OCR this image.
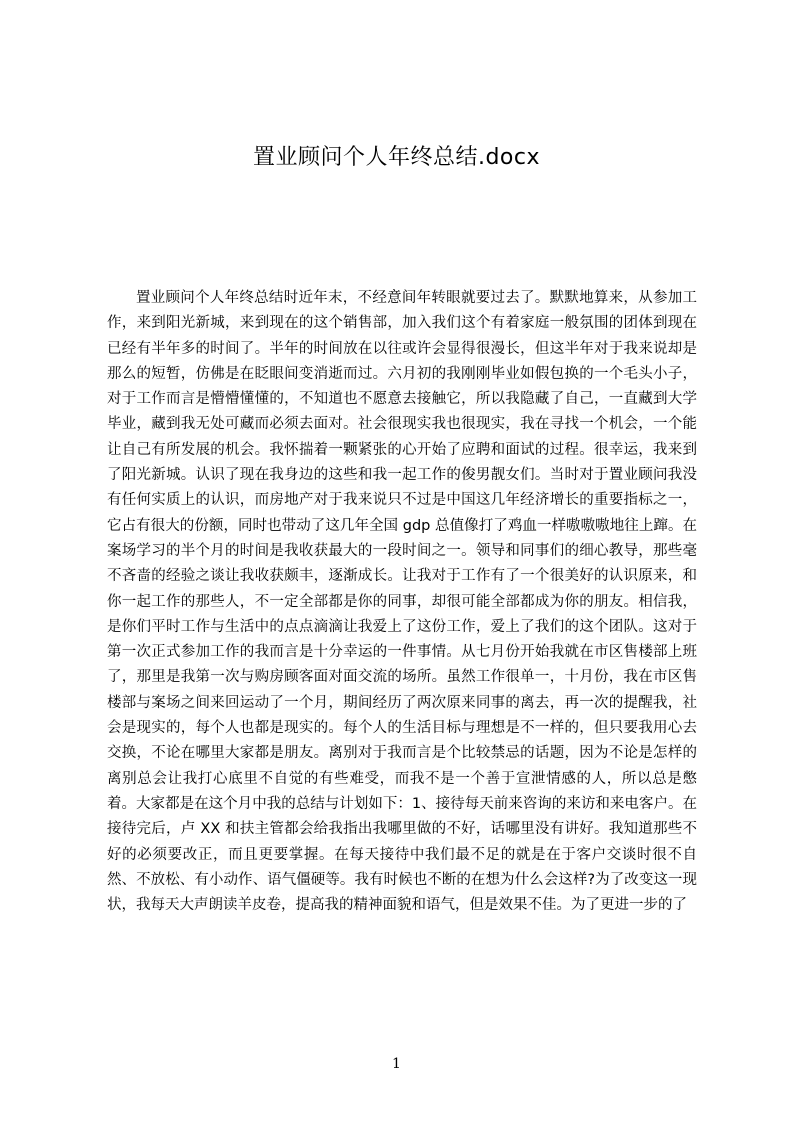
置业顾问个人年终总结.docx

置业顾问个人年终总结时近年末，不经意间年转眼就要过去了。默默地算来，从参加工作，来到阳光新城，来到现在的这个销售部，加入我们这个有着家庭一般氛围的团体到现在已经有半年多的时间了。半年的时间放在以往或许会显得很漫长，但这半年对于我来说却是那么的短暂，仿佛是在眨眼间变消逝而过。六月初的我刚刚毕业如假包换的一个毛头小子，对于工作而言是懵懵懂懂的，不知道也不愿意去接触它，所以我隐藏了自己，一直藏到大学毕业，藏到我无处可藏而必须去面对。社会很现实我也很现实，我在寻找一个机会，一个能让自己有所发展的机会。我怀揣着一颗紧张的心开始了应聘和面试的过程。很幸运，我来到了阳光新城。认识了现在我身边的这些和我一起工作的俊男靓女们。当时对于置业顾问我没有任何实质上的认识，而房地产对于我来说只不过是中国这几年经济增长的重要指标之一，它占有很大的份额，同时也带动了这几年全国 gdp 总值像打了鸡血一样嗷嗷嗷地往上蹿。在案场学习的半个月的时间是我收获最大的一段时间之一。领导和同事们的细心教导，那些毫不吝啬的经验之谈让我收获颇丰，逐渐成长。让我对于工作有了一个很美好的认识原来，和你一起工作的那些人，不一定全部都是你的同事，却很可能全部都成为你的朋友。相信我，是你们平时工作与生活中的点点滴滴让我爱上了这份工作，爱上了我们的这个团队。这对于第一次正式参加工作的我而言是十分幸运的一件事情。从七月份开始我就在市区售楼部上班了，那里是我第一次与购房顾客面对面交流的场所。虽然工作很单一，十月份，我在市区售楼部与案场之间来回运动了一个月，期间经历了两次原来同事的离去，再一次的提醒我，社会是现实的，每个人也都是现实的。每个人的生活目标与理想是不一样的，但只要我用心去交换，不论在哪里大家都是朋友。离别对于我而言是个比较禁忌的话题，因为不论是怎样的离别总会让我打心底里不自觉的有些难受，而我不是一个善于宣泄情感的人，所以总是憋着。大家都是在这个月中我的总结与计划如下：1、接待每天前来咨询的来访和来电客户。在接待完后，卢 XX 和扶主管都会给我指出我哪里做的不好，话哪里没有讲好。我知道那些不好的必须要改正，而且更要掌握。在每天接待中我们最不足的就是在于客户交谈时很不自然、不放松、有小动作、语气僵硬等。我有时候也不断的在想为什么会这样?为了改变这一现状，我每天大声朗读羊皮卷，提高我的精神面貌和语气，但是效果不佳。为了更进一步的了

1
